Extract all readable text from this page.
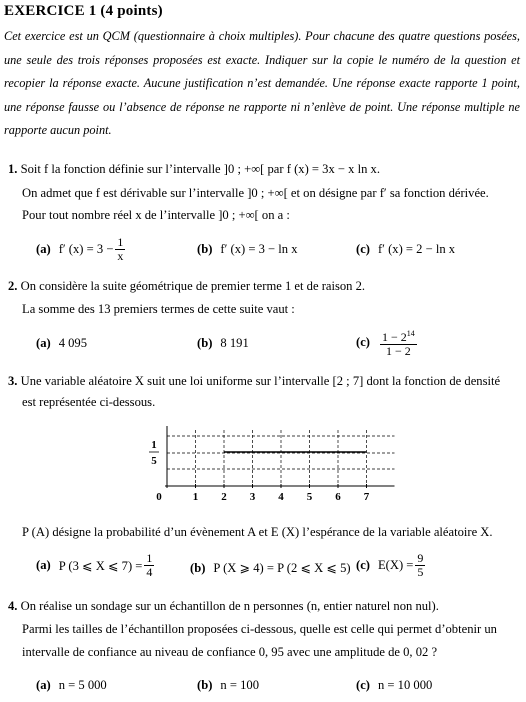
EXERCICE 1 (4 points)
Cet exercice est un QCM (questionnaire à choix multiples). Pour chacune des quatre questions posées, une seule des trois réponses proposées est exacte. Indiquer sur la copie le numéro de la question et recopier la réponse exacte. Aucune justification n’est demandée. Une réponse exacte rapporte 1 point, une réponse fausse ou l’absence de réponse ne rapporte ni n’enlève de point. Une réponse multiple ne rapporte aucun point.
1. Soit f la fonction définie sur l’intervalle ]0 ; +∞[ par f (x) = 3x − x ln x.
On admet que f est dérivable sur l’intervalle ]0 ; +∞[ et on désigne par f′ sa fonction dérivée.
Pour tout nombre réel x de l’intervalle ]0 ; +∞[ on a :
(a) f′ $(x) = 3 - \frac{1}{x}$	(b) f′ (x) = 3 − ln x	(c) f′ (x) = 2 − ln x
2. On considère la suite géométrique de premier terme 1 et de raison 2.
La somme des 13 premiers termes de cette suite vaut :
(a) 4 095	(b) 8 191	$(c) \frac{1 - 2^{14}}{1 - 2}$
3. Une variable aléatoire X suit une loi uniforme sur l’intervalle [2 ; 7] dont la fonction de densité
est représentée ci-dessous.
0	1 2 3 4 5 6 7
1
5
P (A) désigne la probabilité d’un évènement A et E (X) l’espérance de la variable aléatoire X.
(a) P (3 ⩽ X ⩽ $7) = \frac{1}{4}$	(b) P (X ⩾ 4) = P (2 ⩽ X ⩽ 5) (c) $E(X) = \frac{9}{5}$
4. On réalise un sondage sur un échantillon de n personnes (n, entier naturel non nul).
Parmi les tailles de l’échantillon proposées ci-dessous, quelle est celle qui permet d’obtenir un
intervalle de confiance au niveau de confiance 0, 95 avec une amplitude de 0, 02 ?
(a) n = 5 000	(b) n = 100	(c) n = 10 000
